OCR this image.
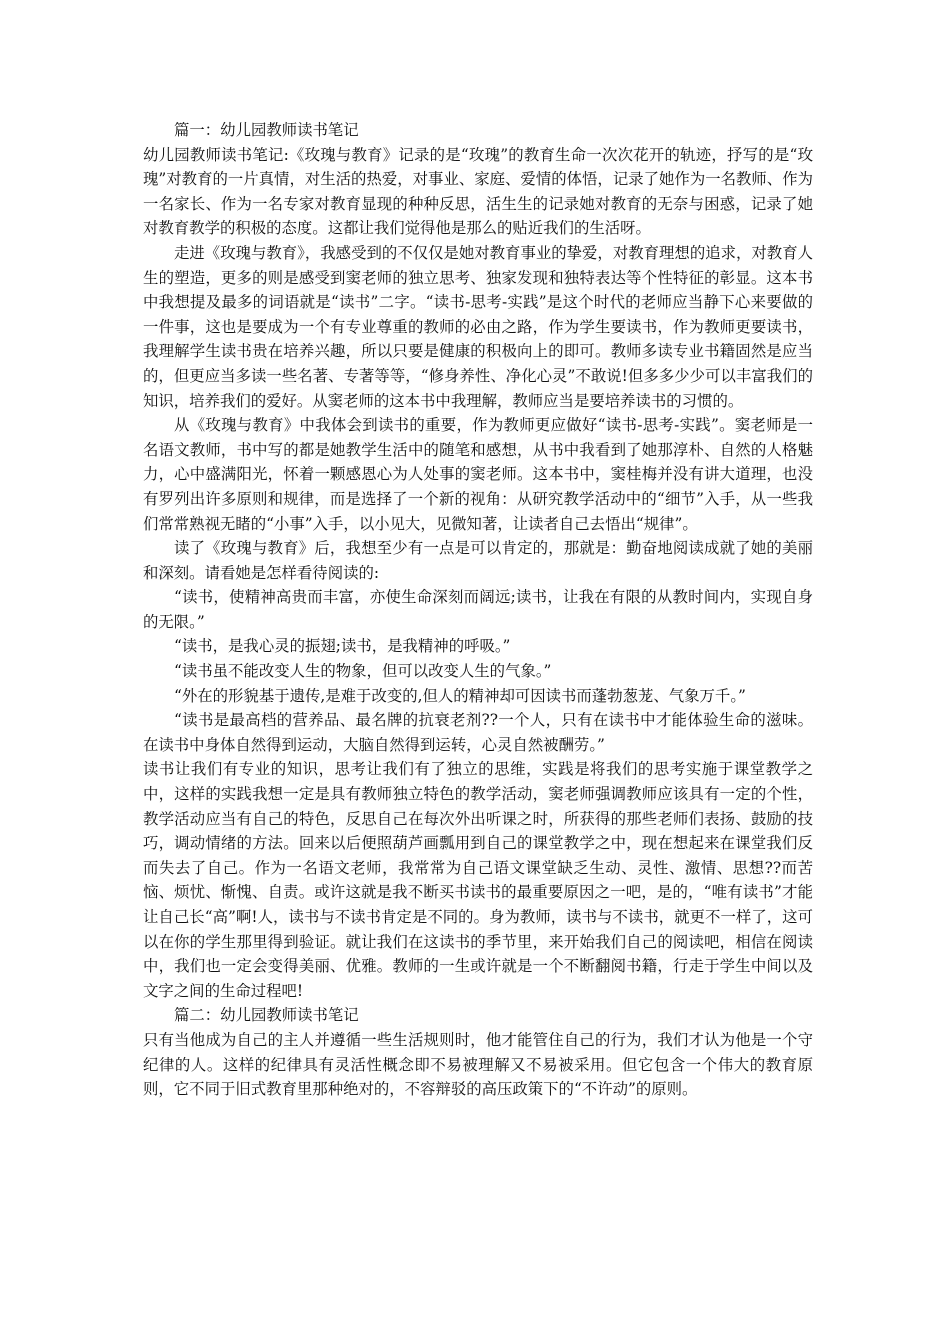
篇一：幼儿园教师读书笔记

幼儿园教师读书笔记:《玫瑰与教育》记录的是“玫瑰”的教育生命一次次花开的轨迹，抒写的是“玫瑰”对教育的一片真情，对生活的热爱，对事业、家庭、爱情的体悟，记录了她作为一名教师、作为一名家长、作为一名专家对教育显现的种种反思，活生生的记录她对教育的无奈与困惑，记录了她对教育教学的积极的态度。这都让我们觉得他是那么的贴近我们的生活呀。

走进《玫瑰与教育》，我感受到的不仅仅是她对教育事业的挚爱，对教育理想的追求，对教育人生的塑造，更多的则是感受到窦老师的独立思考、独家发现和独特表达等个性特征的彰显。这本书中我想提及最多的词语就是“读书”二字。“读书-思考-实践”是这个时代的老师应当静下心来要做的一件事，这也是要成为一个有专业尊重的教师的必由之路，作为学生要读书，作为教师更要读书，我理解学生读书贵在培养兴趣，所以只要是健康的积极向上的即可。教师多读专业书籍固然是应当的，但更应当多读一些名著、专著等等，“修身养性、净化心灵”不敢说!但多多少少可以丰富我们的知识，培养我们的爱好。从窦老师的这本书中我理解，教师应当是要培养读书的习惯的。

从《玫瑰与教育》中我体会到读书的重要，作为教师更应做好“读书-思考-实践”。窦老师是一名语文教师，书中写的都是她教学生活中的随笔和感想，从书中我看到了她那淳朴、自然的人格魅力，心中盛满阳光，怀着一颗感恩心为人处事的窦老师。这本书中，窦桂梅并没有讲大道理，也没有罗列出许多原则和规律，而是选择了一个新的视角：从研究教学活动中的“细节”入手，从一些我们常常熟视无睹的“小事”入手，以小见大，见微知著，让读者自己去悟出“规律”。

读了《玫瑰与教育》后，我想至少有一点是可以肯定的，那就是：勤奋地阅读成就了她的美丽和深刻。请看她是怎样看待阅读的:

“读书，使精神高贵而丰富，亦使生命深刻而阔远;读书，让我在有限的从教时间内，实现自身的无限。”

“读书，是我心灵的振翅;读书，是我精神的呼吸。”

“读书虽不能改变人生的物象，但可以改变人生的气象。”

“外在的形貌基于遗传,是难于改变的,但人的精神却可因读书而蓬勃葱茏、气象万千。”

“读书是最高档的营养品、最名牌的抗衰老剂??一个人，只有在读书中才能体验生命的滋味。在读书中身体自然得到运动，大脑自然得到运转，心灵自然被酬劳。”

读书让我们有专业的知识，思考让我们有了独立的思维，实践是将我们的思考实施于课堂教学之中，这样的实践我想一定是具有教师独立特色的教学活动，窦老师强调教师应该具有一定的个性，教学活动应当有自己的特色，反思自己在每次外出听课之时，所获得的那些老师们表扬、鼓励的技巧，调动情绪的方法。回来以后便照葫芦画瓢用到自己的课堂教学之中，现在想起来在课堂我们反而失去了自己。作为一名语文老师，我常常为自己语文课堂缺乏生动、灵性、激情、思想??而苦恼、烦忧、惭愧、自责。或许这就是我不断买书读书的最重要原因之一吧，是的，“唯有读书”才能让自己长“高”啊!人，读书与不读书肯定是不同的。身为教师，读书与不读书，就更不一样了，这可以在你的学生那里得到验证。就让我们在这读书的季节里，来开始我们自己的阅读吧，相信在阅读中，我们也一定会变得美丽、优雅。教师的一生或许就是一个不断翻阅书籍，行走于学生中间以及文字之间的生命过程吧!

篇二：幼儿园教师读书笔记

只有当他成为自己的主人并遵循一些生活规则时，他才能管住自己的行为，我们才认为他是一个守纪律的人。这样的纪律具有灵活性概念即不易被理解又不易被采用。但它包含一个伟大的教育原则，它不同于旧式教育里那种绝对的，不容辩驳的高压政策下的“不许动”的原则。
